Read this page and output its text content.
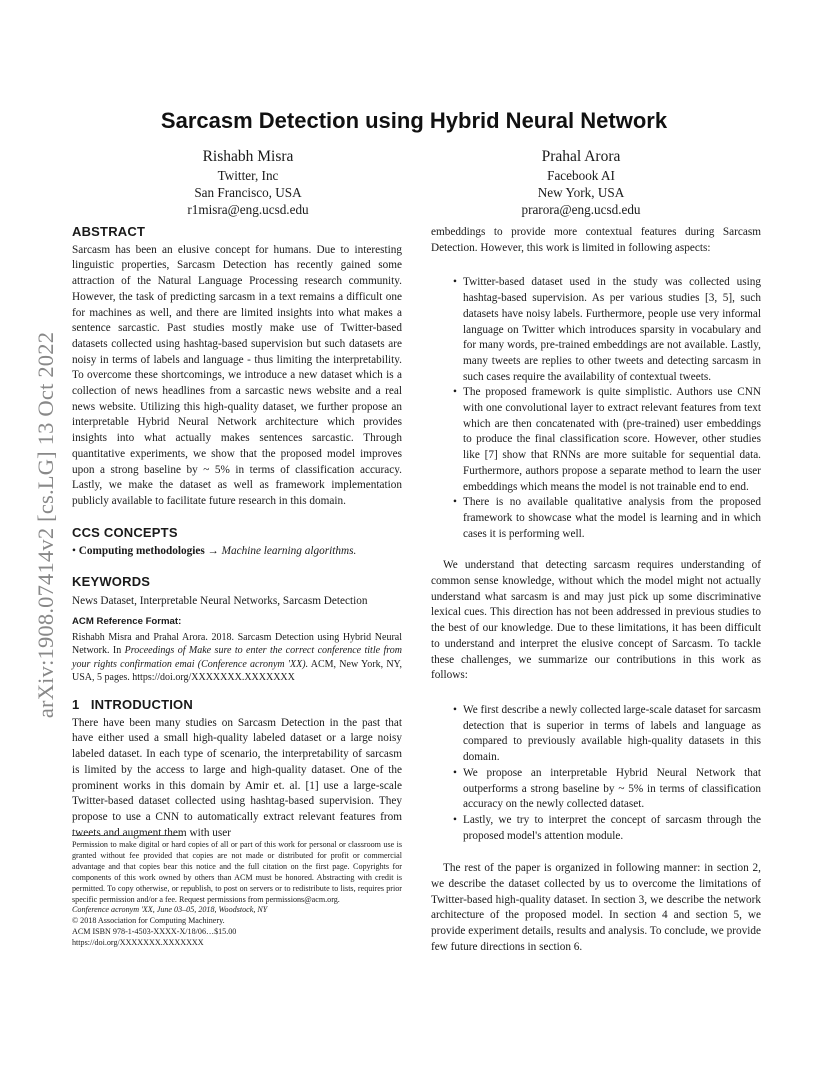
arXiv:1908.07414v2 [cs.LG] 13 Oct 2022
Sarcasm Detection using Hybrid Neural Network
Rishabh Misra
Twitter, Inc
San Francisco, USA
r1misra@eng.ucsd.edu
Prahal Arora
Facebook AI
New York, USA
prarora@eng.ucsd.edu

ABSTRACT

Sarcasm has been an elusive concept for humans. Due to interesting linguistic properties, Sarcasm Detection has recently gained some attraction of the Natural Language Processing research community. However, the task of predicting sarcasm in a text remains a difficult one for machines as well, and there are limited insights into what makes a sentence sarcastic. Past studies mostly make use of Twitter-based datasets collected using hashtag-based supervision but such datasets are noisy in terms of labels and language - thus limiting the interpretability. To overcome these shortcomings, we introduce a new dataset which is a collection of news headlines from a sarcastic news website and a real news website. Utilizing this high-quality dataset, we further propose an interpretable Hybrid Neural Network architecture which provides insights into what actually makes sentences sarcastic. Through quantitative experiments, we show that the proposed model improves upon a strong baseline by ~ 5% in terms of classification accuracy. Lastly, we make the dataset as well as framework implementation publicly available to facilitate future research in this domain.

CCS CONCEPTS

• Computing methodologies → Machine learning algorithms.

KEYWORDS

News Dataset, Interpretable Neural Networks, Sarcasm Detection

ACM Reference Format:

Rishabh Misra and Prahal Arora. 2018. Sarcasm Detection using Hybrid Neural Network. In Proceedings of Make sure to enter the correct conference title from your rights confirmation emai (Conference acronym 'XX). ACM, New York, NY, USA, 5 pages. https://doi.org/XXXXXXX.XXXXXXX

1 INTRODUCTION

There have been many studies on Sarcasm Detection in the past that have either used a small high-quality labeled dataset or a large noisy labeled dataset. In each type of scenario, the interpretability of sarcasm is limited by the access to large and high-quality dataset. One of the prominent works in this domain by Amir et. al. [1] use a large-scale Twitter-based dataset collected using hashtag-based supervision. They propose to use a CNN to automatically extract relevant features from tweets and augment them with user

Permission to make digital or hard copies of all or part of this work for personal or classroom use is granted without fee provided that copies are not made or distributed for profit or commercial advantage and that copies bear this notice and the full citation on the first page. Copyrights for components of this work owned by others than ACM must be honored. Abstracting with credit is permitted. To copy otherwise, or republish, to post on servers or to redistribute to lists, requires prior specific permission and/or a fee. Request permissions from permissions@acm.org.

Conference acronym 'XX, June 03–05, 2018, Woodstock, NY

© 2018 Association for Computing Machinery.

ACM ISBN 978-1-4503-XXXX-X/18/06…$15.00

https://doi.org/XXXXXXX.XXXXXXX

embeddings to provide more contextual features during Sarcasm Detection. However, this work is limited in following aspects:

• Twitter-based dataset used in the study was collected using hashtag-based supervision. As per various studies [3, 5], such datasets have noisy labels. Furthermore, people use very informal language on Twitter which introduces sparsity in vocabulary and for many words, pre-trained embeddings are not available. Lastly, many tweets are replies to other tweets and detecting sarcasm in such cases require the availability of contextual tweets.
• The proposed framework is quite simplistic. Authors use CNN with one convolutional layer to extract relevant features from text which are then concatenated with (pre-trained) user embeddings to produce the final classification score. However, other studies like [7] show that RNNs are more suitable for sequential data. Furthermore, authors propose a separate method to learn the user embeddings which means the model is not trainable end to end.
• There is no available qualitative analysis from the proposed framework to showcase what the model is learning and in which cases it is performing well.

We understand that detecting sarcasm requires understanding of common sense knowledge, without which the model might not actually understand what sarcasm is and may just pick up some discriminative lexical cues. This direction has not been addressed in previous studies to the best of our knowledge. Due to these limitations, it has been difficult to understand and interpret the elusive concept of Sarcasm. To tackle these challenges, we summarize our contributions in this work as follows:

• We first describe a newly collected large-scale dataset for sarcasm detection that is superior in terms of labels and language as compared to previously available high-quality datasets in this domain.
• We propose an interpretable Hybrid Neural Network that outperforms a strong baseline by ~ 5% in terms of classification accuracy on the newly collected dataset.
• Lastly, we try to interpret the concept of sarcasm through the proposed model's attention module.

The rest of the paper is organized in following manner: in section 2, we describe the dataset collected by us to overcome the limitations of Twitter-based high-quality dataset. In section 3, we describe the network architecture of the proposed model. In section 4 and section 5, we provide experiment details, results and analysis. To conclude, we provide few future directions in section 6.
